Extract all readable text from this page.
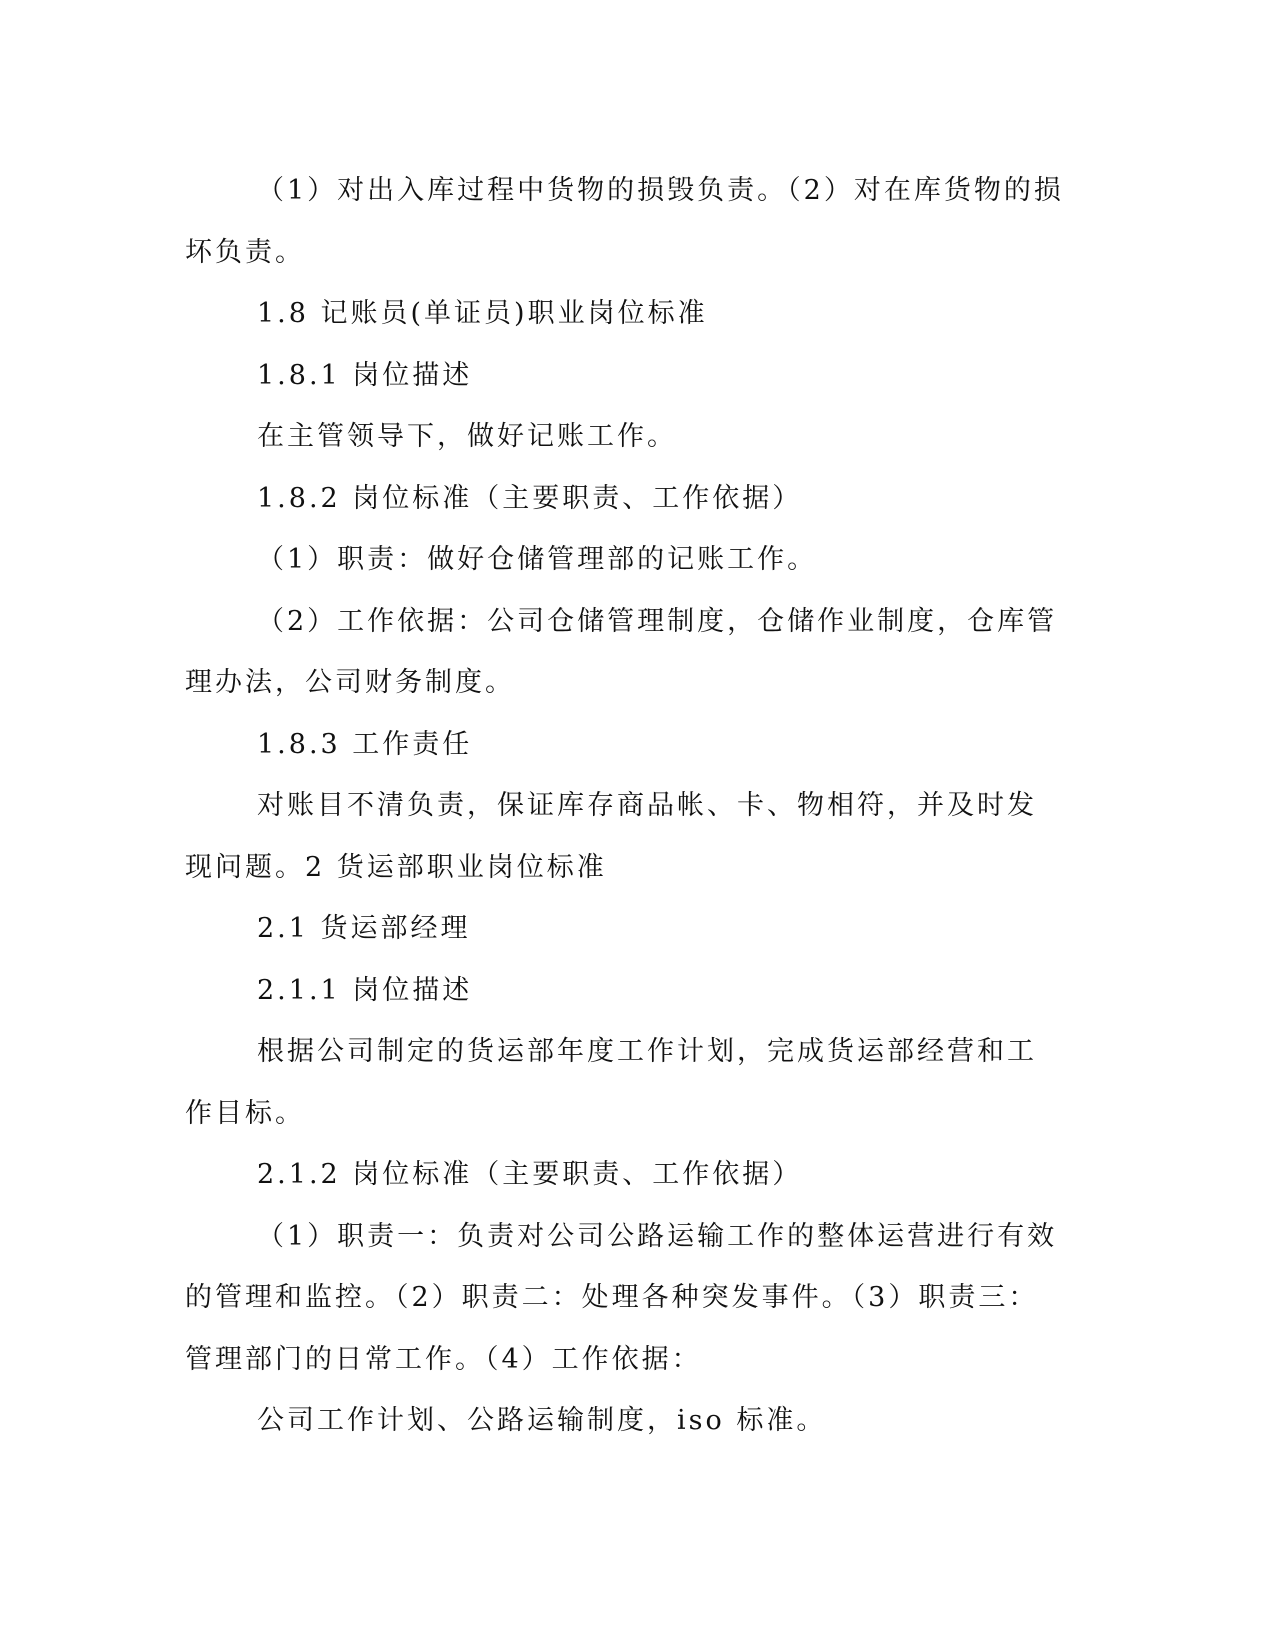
（1）对出入库过程中货物的损毁负责。（2）对在库货物的损坏负责。

1.8 记账员(单证员)职业岗位标准

1.8.1 岗位描述

在主管领导下，做好记账工作。

1.8.2 岗位标准（主要职责、工作依据）

（1）职责：做好仓储管理部的记账工作。

（2）工作依据：公司仓储管理制度，仓储作业制度，仓库管理办法，公司财务制度。

1.8.3 工作责任

对账目不清负责，保证库存商品帐、卡、物相符，并及时发现问题。2 货运部职业岗位标准

2.1 货运部经理

2.1.1 岗位描述

根据公司制定的货运部年度工作计划，完成货运部经营和工作目标。

2.1.2 岗位标准（主要职责、工作依据）

（1）职责一：负责对公司公路运输工作的整体运营进行有效的管理和监控。（2）职责二：处理各种突发事件。（3）职责三：管理部门的日常工作。（4）工作依据：

公司工作计划、公路运输制度，iso 标准。
